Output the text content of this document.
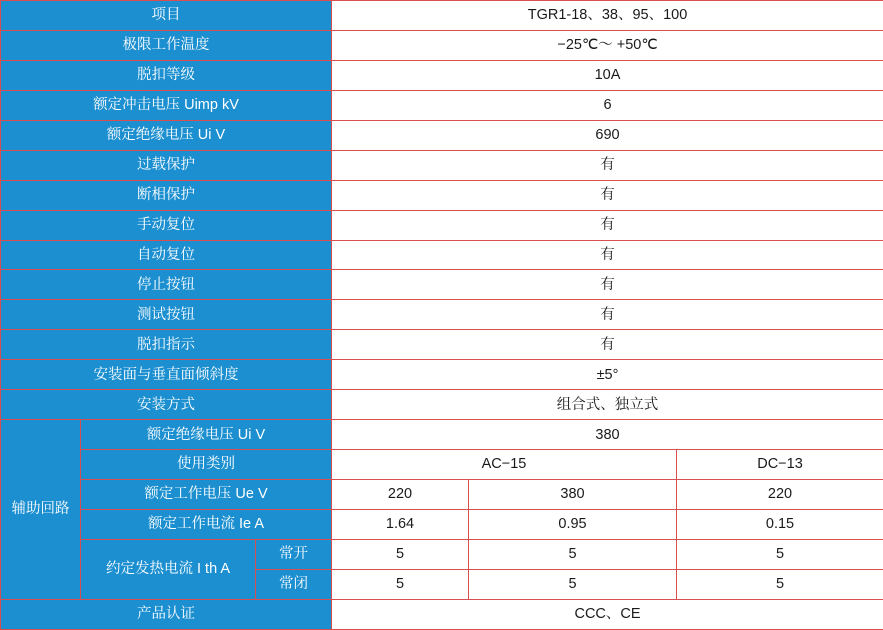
项目			TGR1-18、38、95、100		
极限工作温度			−25℃～ +50℃		
脱扣等级			10A		
额定冲击电压 Uimp kV			6		
额定绝缘电压 Ui V			690		
过载保护			有		
断相保护			有		
手动复位			有		
自动复位			有		
停止按钮			有		
测试按钮			有		
脱扣指示			有		
安装面与垂直面倾斜度			±5°		
安装方式			组合式、独立式		
辅助回路	额定绝缘电压 Ui V		380		
	使用类别		AC−15		DC−13
	额定工作电压 Ue V		220	380	220
	额定工作电流 Ie A		1.64	0.95	0.15
	约定发热电流 I th A	常开	5	5	5
		常闭	5	5	5
产品认证			CCC、CE		
